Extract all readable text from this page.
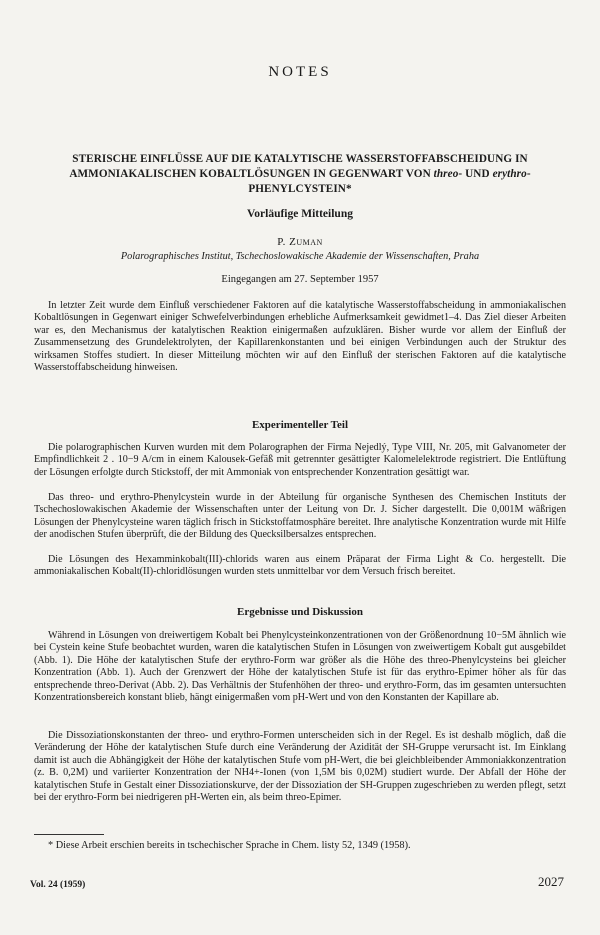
NOTES
STERISCHE EINFLÜSSE AUF DIE KATALYTISCHE WASSERSTOFFABSCHEIDUNG IN AMMONIAKALISCHEN KOBALTLÖSUNGEN IN GEGENWART VON threo- UND erythro-PHENYLCYSTEIN*
Vorläufige Mitteilung
P. Zuman
Polarographisches Institut, Tschechoslowakische Akademie der Wissenschaften, Praha
Eingegangen am 27. September 1957

In letzter Zeit wurde dem Einfluß verschiedener Faktoren auf die katalytische Wasserstoffabscheidung in ammoniakalischen Kobaltlösungen in Gegenwart einiger Schwefelverbindungen erhebliche Aufmerksamkeit gewidmet1–4. Das Ziel dieser Arbeiten war es, den Mechanismus der katalytischen Reaktion einigermaßen aufzuklären. Bisher wurde vor allem der Einfluß der Zusammensetzung des Grundelektrolyten, der Kapillarenkonstanten und bei einigen Verbindungen auch der Struktur des wirksamen Stoffes studiert. In dieser Mitteilung möchten wir auf den Einfluß der sterischen Faktoren auf die katalytische Wasserstoffabscheidung hinweisen.

Experimenteller Teil

Die polarographischen Kurven wurden mit dem Polarographen der Firma Nejedlý, Type VIII, Nr. 205, mit Galvanometer der Empfindlichkeit 2 . 10−9 A/cm in einem Kalousek-Gefäß mit getrennter gesättigter Kalomelelektrode registriert. Die Entlüftung der Lösungen erfolgte durch Stickstoff, der mit Ammoniak von entsprechender Konzentration gesättigt war.

Das threo- und erythro-Phenylcystein wurde in der Abteilung für organische Synthesen des Chemischen Instituts der Tschechoslowakischen Akademie der Wissenschaften unter der Leitung von Dr. J. Sicher dargestellt. Die 0,001M wäßrigen Lösungen der Phenylcysteine waren täglich frisch in Stickstoffatmosphäre bereitet. Ihre analytische Konzentration wurde mit Hilfe der anodischen Stufen überprüft, die der Bildung des Quecksilbersalzes entsprechen.

Die Lösungen des Hexamminkobalt(III)-chlorids waren aus einem Präparat der Firma Light & Co. hergestellt. Die ammoniakalischen Kobalt(II)-chloridlösungen wurden stets unmittelbar vor dem Versuch frisch bereitet.

Ergebnisse und Diskussion

Während in Lösungen von dreiwertigem Kobalt bei Phenylcysteinkonzentrationen von der Größenordnung 10−5M ähnlich wie bei Cystein keine Stufe beobachtet wurden, waren die katalytischen Stufen in Lösungen von zweiwertigem Kobalt gut ausgebildet (Abb. 1). Die Höhe der katalytischen Stufe der erythro-Form war größer als die Höhe des threo-Phenylcysteins bei gleicher Konzentration (Abb. 1). Auch der Grenzwert der Höhe der katalytischen Stufe ist für das erythro-Epimer höher als für das entsprechende threo-Derivat (Abb. 2). Das Verhältnis der Stufenhöhen der threo- und erythro-Form, das im gesamten untersuchten Konzentrationsbereich konstant blieb, hängt einigermaßen vom pH-Wert und von den Konstanten der Kapillare ab.

Die Dissoziationskonstanten der threo- und erythro-Formen unterscheiden sich in der Regel. Es ist deshalb möglich, daß die Veränderung der Höhe der katalytischen Stufe durch eine Veränderung der Azidität der SH-Gruppe verursacht ist. Im Einklang damit ist auch die Abhängigkeit der Höhe der katalytischen Stufe vom pH-Wert, die bei gleichbleibender Ammoniakkonzentration (z. B. 0,2M) und variierter Konzentration der NH4+-Ionen (von 1,5M bis 0,02M) studiert wurde. Der Abfall der Höhe der katalytischen Stufe in Gestalt einer Dissoziationskurve, der der Dissoziation der SH-Gruppen zugeschrieben zu werden pflegt, setzt bei der erythro-Form bei niedrigeren pH-Werten ein, als beim threo-Epimer.

* Diese Arbeit erschien bereits in tschechischer Sprache in Chem. listy 52, 1349 (1958).
Vol. 24 (1959)	2027
